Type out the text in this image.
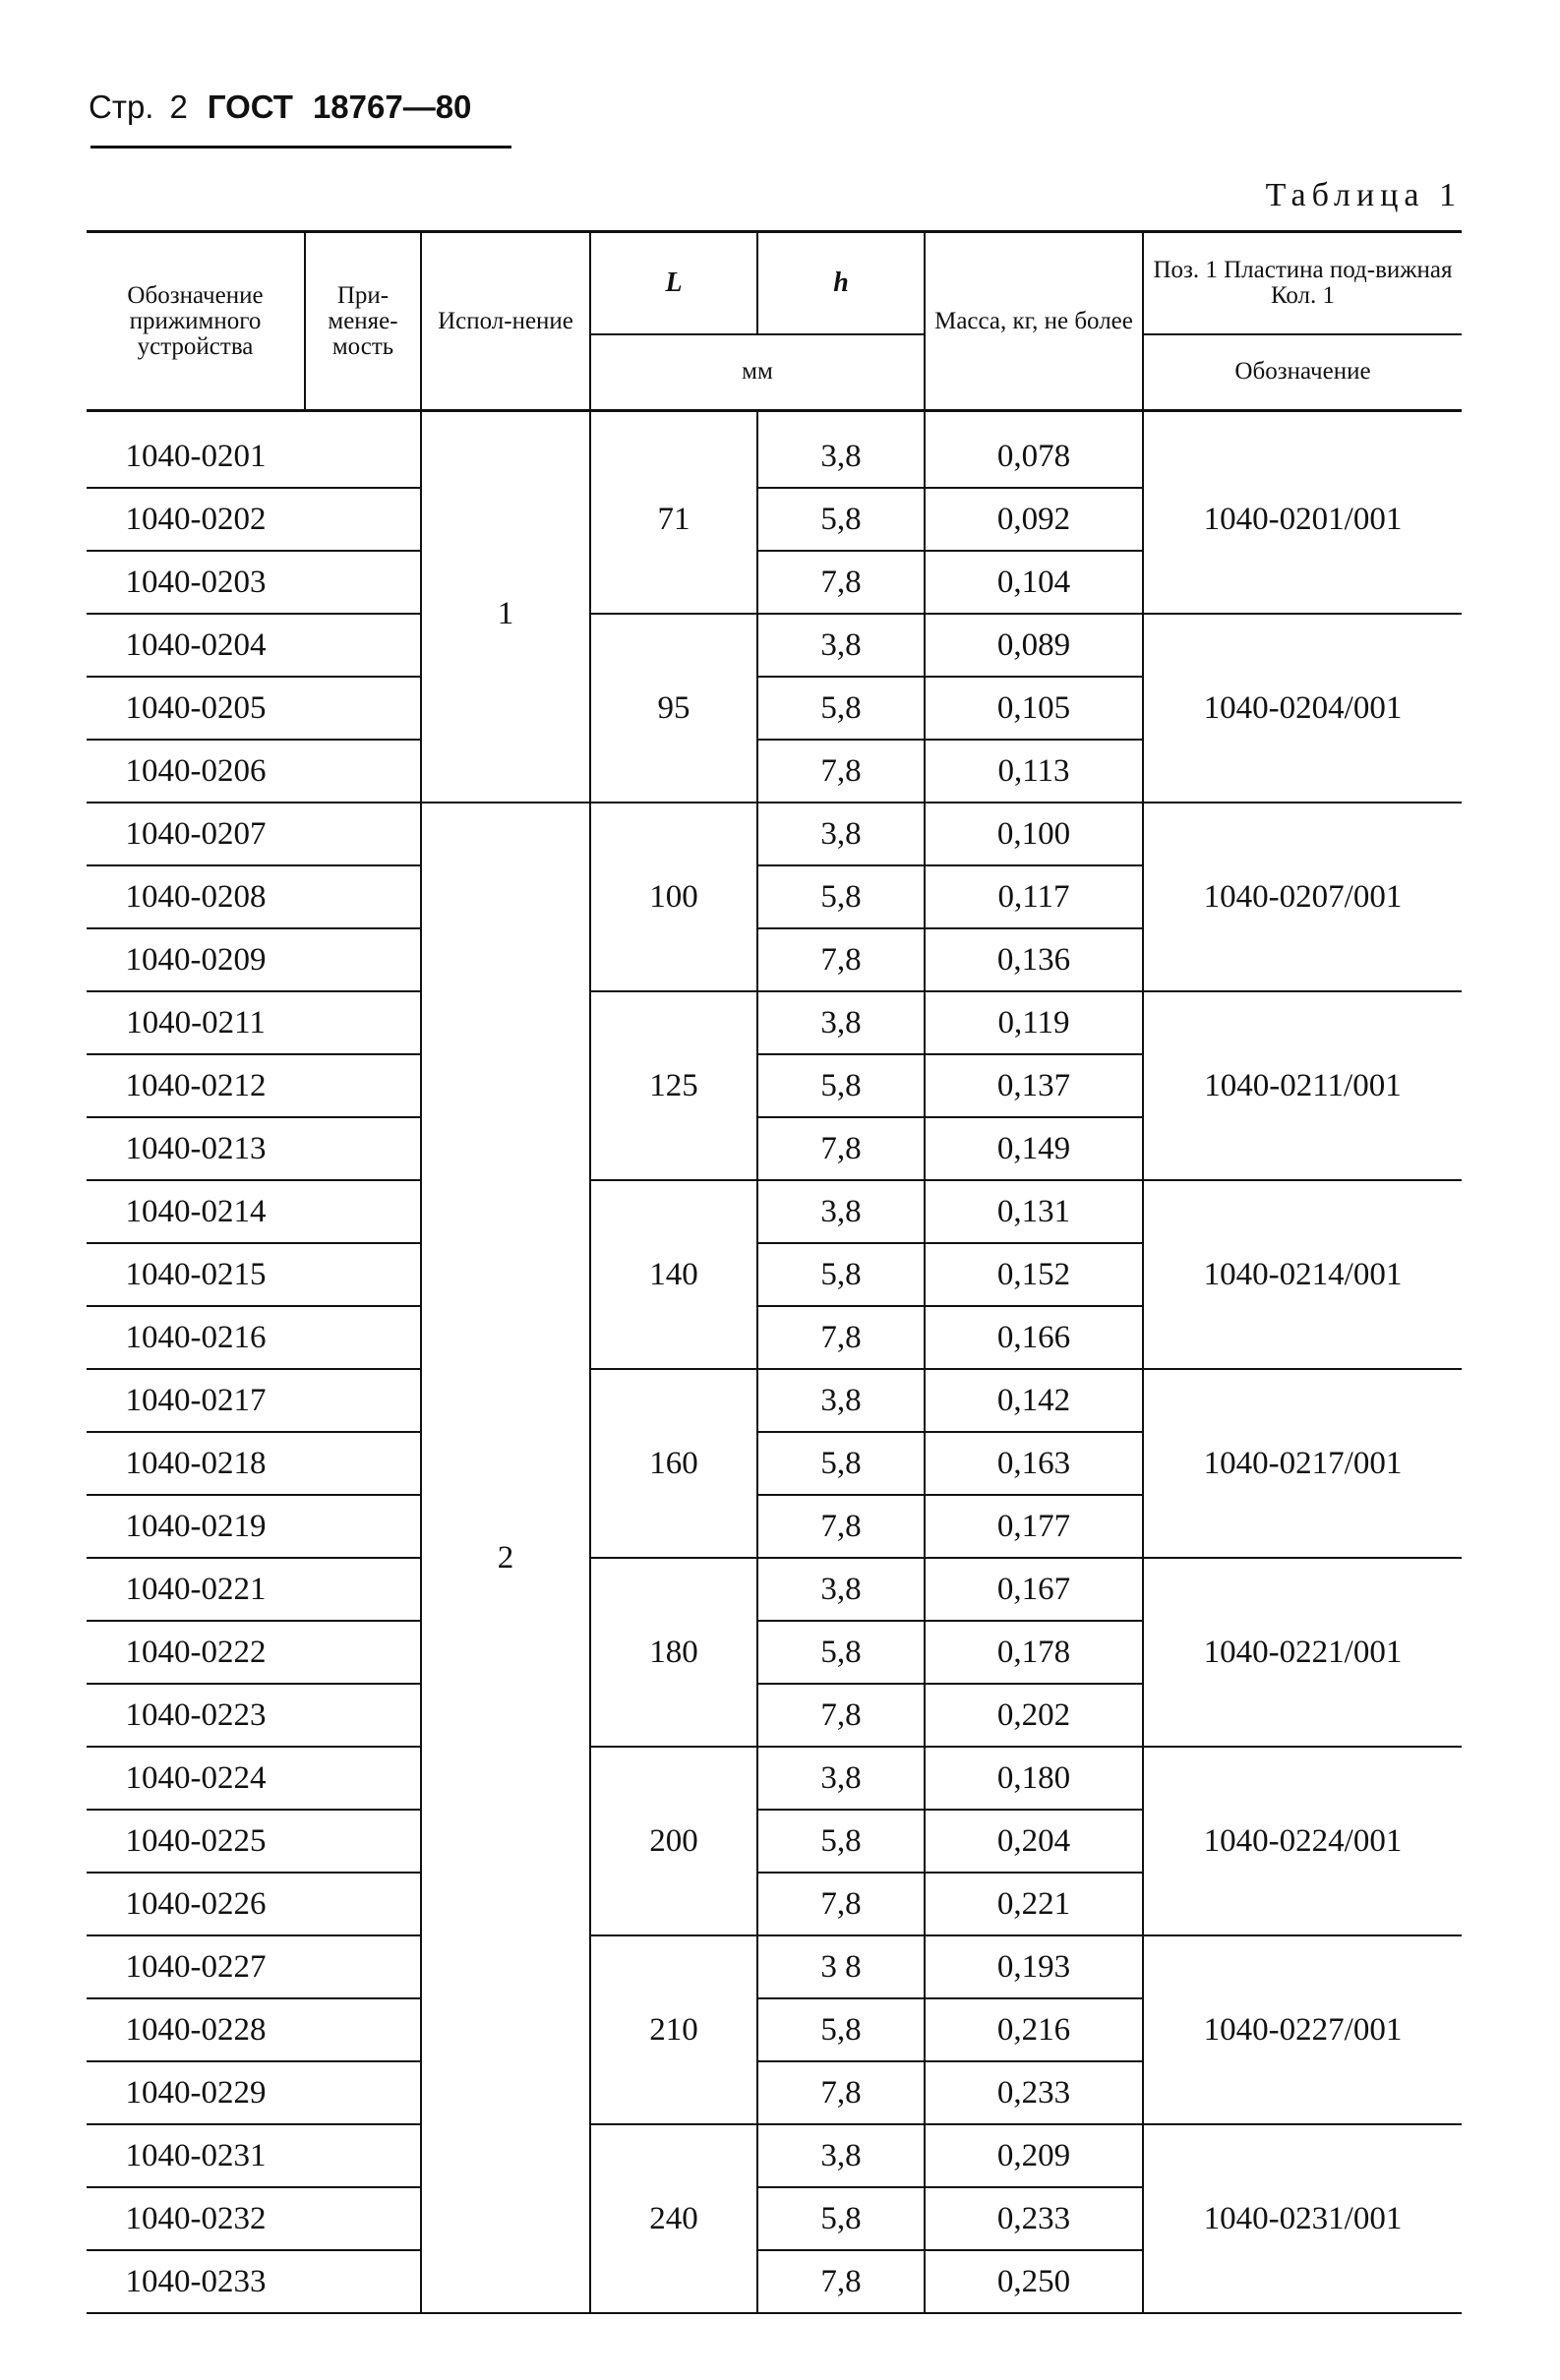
Стр. 2 ГОСТ 18767—80
Таблица 1
Обозначение прижимного устройства	При-меняе-мость	Испол-нение	L	h	Масса, кг, не более	Поз. 1 Пластина под-вижная Кол. 1
			мм			Обозначение
1040-0201		1	71	3,8	0,078	1040-0201/001
1040-0202				5,8	0,092	
1040-0203				7,8	0,104	
1040-0204			95	3,8	0,089	1040-0204/001
1040-0205				5,8	0,105	
1040-0206				7,8	0,113	
1040-0207		2	100	3,8	0,100	1040-0207/001
1040-0208				5,8	0,117	
1040-0209				7,8	0,136	
1040-0211			125	3,8	0,119	1040-0211/001
1040-0212				5,8	0,137	
1040-0213				7,8	0,149	
1040-0214			140	3,8	0,131	1040-0214/001
1040-0215				5,8	0,152	
1040-0216				7,8	0,166	
1040-0217			160	3,8	0,142	1040-0217/001
1040-0218				5,8	0,163	
1040-0219				7,8	0,177	
1040-0221			180	3,8	0,167	1040-0221/001
1040-0222				5,8	0,178	
1040-0223				7,8	0,202	
1040-0224			200	3,8	0,180	1040-0224/001
1040-0225				5,8	0,204	
1040-0226				7,8	0,221	
1040-0227			210	3 8	0,193	1040-0227/001
1040-0228				5,8	0,216	
1040-0229				7,8	0,233	
1040-0231			240	3,8	0,209	1040-0231/001
1040-0232				5,8	0,233	
1040-0233				7,8	0,250	
